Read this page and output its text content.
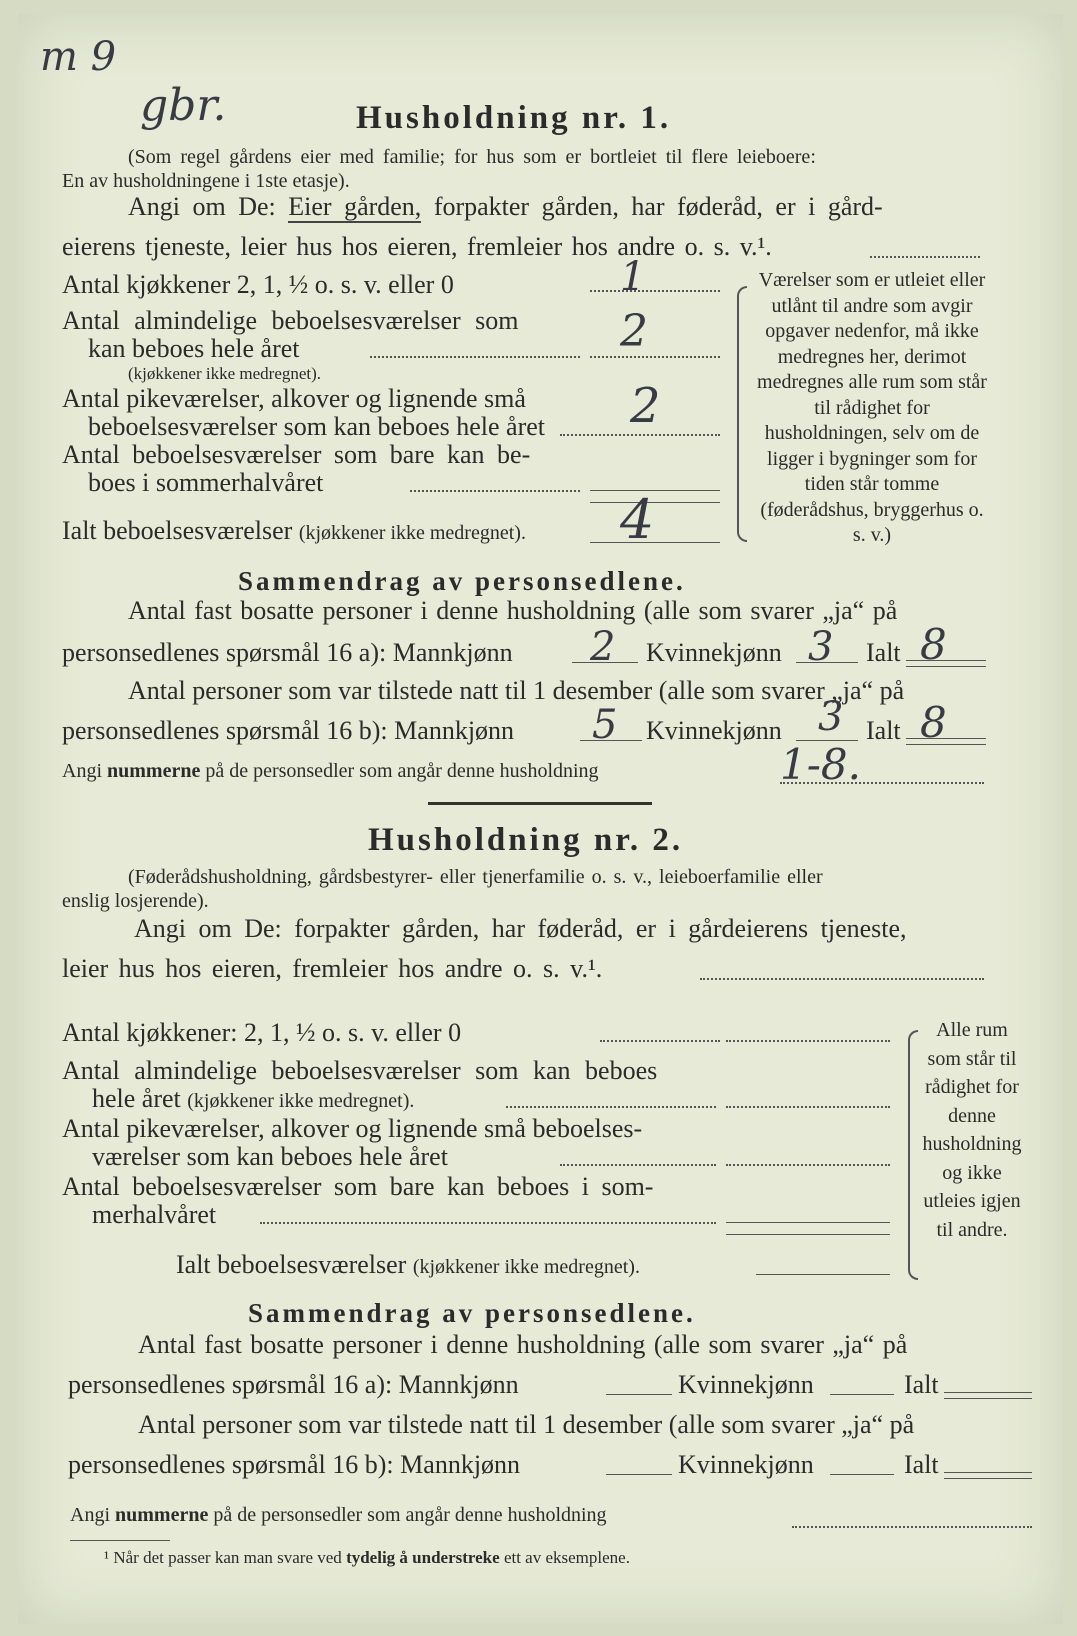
m 9
gbr.	Husholdning nr. 1.
(Som regel gårdens eier med familie; for hus som er bortleiet til flere leieboere:
En av husholdningene i 1ste etasje).
Angi om De: Eier gården, forpakter gården, har føderåd, er i gård-
eierens tjeneste, leier hus hos eieren, fremleier hos andre o. s. v.¹.
Antal kjøkkener 2, 1, ½ o. s. v. eller 0	1
Antal almindelige beboelsesværelser som
kan beboes hele året	2
(kjøkkener ikke medregnet).
Antal pikeværelser, alkover og lignende små
beboelsesværelser som kan beboes hele året 2
Antal beboelsesværelser som bare kan be-
boes i sommerhalvåret
Ialt beboelsesværelser (kjøkkener ikke medregnet). 4
Værelser som er utleiet eller utlånt til andre som avgir opgaver nedenfor, må ikke medregnes her, derimot medregnes alle rum som står til rådighet for husholdningen, selv om de ligger i bygninger som for tiden står tomme (føderådshus, bryggerhus o. s. v.)
Sammendrag av personsedlene.
Antal fast bosatte personer i denne husholdning (alle som svarer „ja“ på
personsedlenes spørsmål 16 a): Mannkjønn 2 Kvinnekjønn 3 Ialt 8
Antal personer som var tilstede natt til 1 desember (alle som svarer „ja“ på
personsedlenes spørsmål 16 b): Mannkjønn 5 Kvinnekjønn 3 Ialt 8
Angi nummerne på de personsedler som angår denne husholdning	1-8.
Husholdning nr. 2.
(Føderådshusholdning, gårdsbestyrer- eller tjenerfamilie o. s. v., leieboerfamilie eller
enslig losjerende).
Angi om De: forpakter gården, har føderåd, er i gårdeierens tjeneste,
leier hus hos eieren, fremleier hos andre o. s. v.¹.
Antal kjøkkener: 2, 1, ½ o. s. v. eller 0
Antal almindelige beboelsesværelser som kan beboes
hele året (kjøkkener ikke medregnet).
Antal pikeværelser, alkover og lignende små beboelses-
værelser som kan beboes hele året
Antal beboelsesværelser som bare kan beboes i som-
merhalvåret
Ialt beboelsesværelser (kjøkkener ikke medregnet).
Alle rum som står til rådighet for denne husholdning og ikke utleies igjen til andre.
Sammendrag av personsedlene.
Antal fast bosatte personer i denne husholdning (alle som svarer „ja“ på
personsedlenes spørsmål 16 a): Mannkjønn	Kvinnekjønn	Ialt
Antal personer som var tilstede natt til 1 desember (alle som svarer „ja“ på
personsedlenes spørsmål 16 b): Mannkjønn	Kvinnekjønn	Ialt
Angi nummerne på de personsedler som angår denne husholdning
¹ Når det passer kan man svare ved tydelig å understreke ett av eksemplene.
